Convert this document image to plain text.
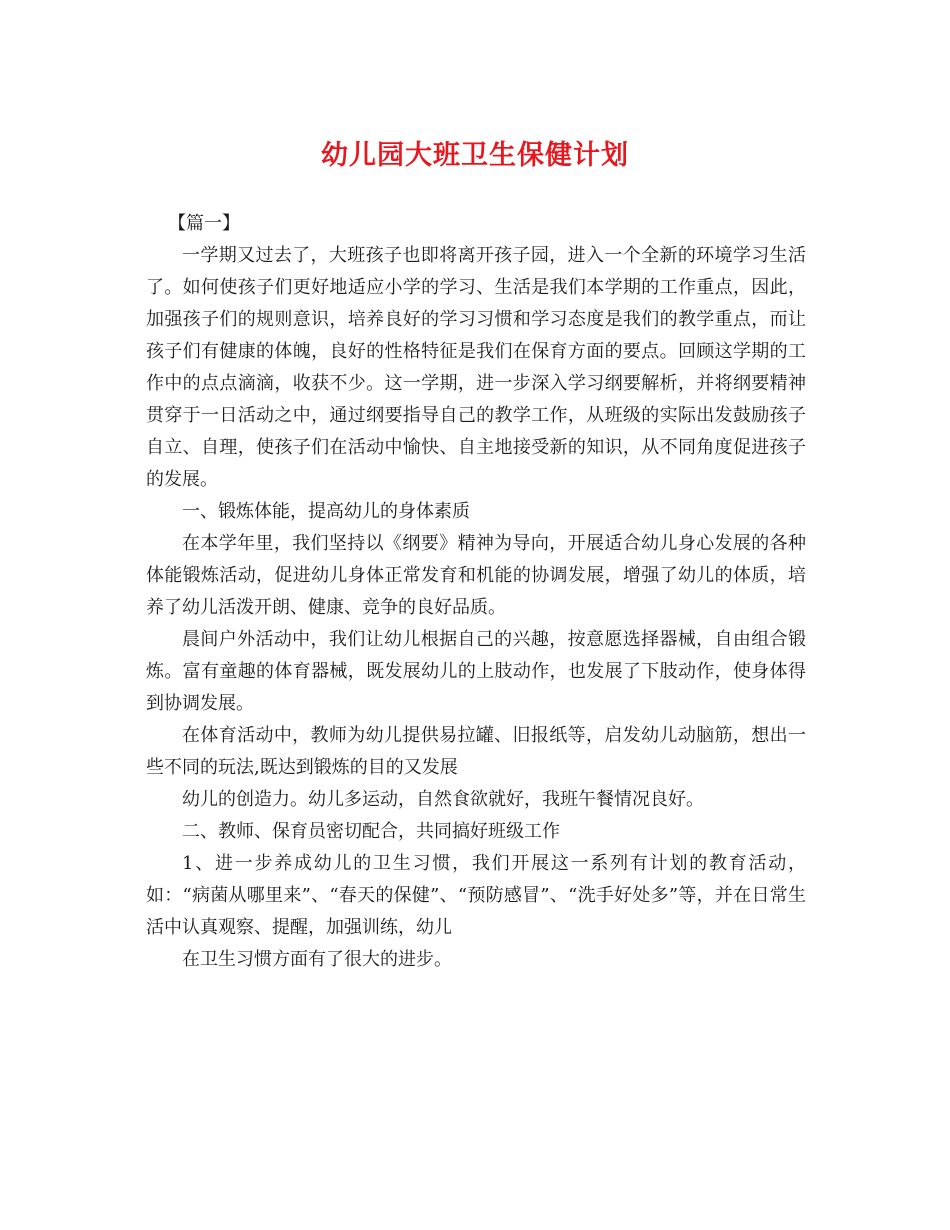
幼儿园大班卫生保健计划

【篇一】

一学期又过去了，大班孩子也即将离开孩子园，进入一个全新的环境学习生活了。如何使孩子们更好地适应小学的学习、生活是我们本学期的工作重点，因此，加强孩子们的规则意识，培养良好的学习习惯和学习态度是我们的教学重点，而让孩子们有健康的体魄，良好的性格特征是我们在保育方面的要点。回顾这学期的工作中的点点滴滴，收获不少。这一学期，进一步深入学习纲要解析，并将纲要精神贯穿于一日活动之中，通过纲要指导自己的教学工作，从班级的实际出发鼓励孩子自立、自理，使孩子们在活动中愉快、自主地接受新的知识，从不同角度促进孩子的发展。

一、锻炼体能，提高幼儿的身体素质

在本学年里，我们坚持以《纲要》精神为导向，开展适合幼儿身心发展的各种体能锻炼活动，促进幼儿身体正常发育和机能的协调发展，增强了幼儿的体质，培养了幼儿活泼开朗、健康、竞争的良好品质。

晨间户外活动中，我们让幼儿根据自己的兴趣，按意愿选择器械，自由组合锻炼。富有童趣的体育器械，既发展幼儿的上肢动作，也发展了下肢动作，使身体得到协调发展。

在体育活动中，教师为幼儿提供易拉罐、旧报纸等，启发幼儿动脑筋，想出一些不同的玩法,既达到锻炼的目的又发展

幼儿的创造力。幼儿多运动，自然食欲就好，我班午餐情况良好。

二、教师、保育员密切配合，共同搞好班级工作

1、进一步养成幼儿的卫生习惯，我们开展这一系列有计划的教育活动，如：“病菌从哪里来”、“春天的保健”、“预防感冒”、“洗手好处多”等，并在日常生活中认真观察、提醒，加强训练，幼儿

在卫生习惯方面有了很大的进步。
